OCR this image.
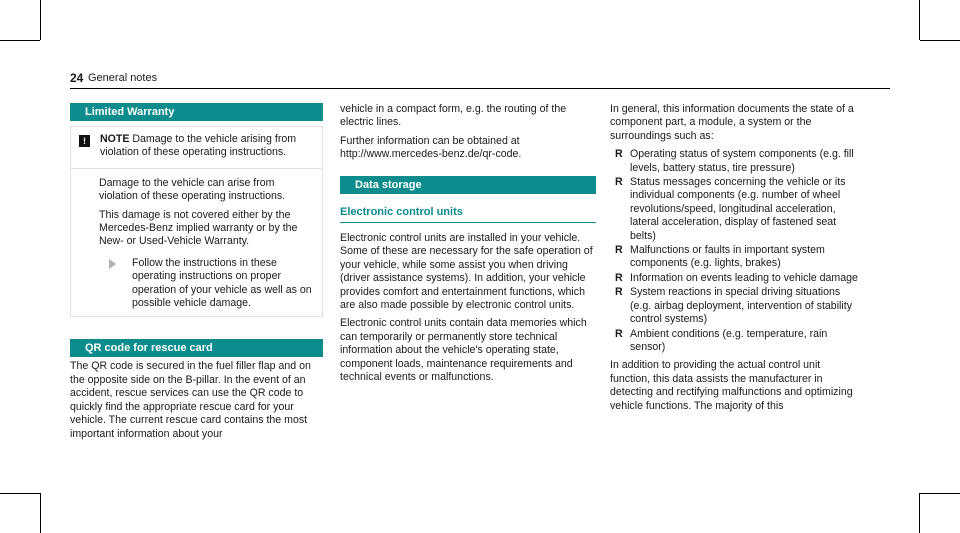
24 General notes
Limited Warranty
!	NOTE Damage to the vehicle arising from violation of these operating instructions.

Damage to the vehicle can arise from violation of these operating instructions.

This damage is not covered either by the Mercedes-Benz implied warranty or by the New- or Used-Vehicle Warranty.

Follow the instructions in these operating instructions on proper operation of your vehicle as well as on possible vehicle damage.
QR code for rescue card

The QR code is secured in the fuel filler flap and on the opposite side on the B-pillar. In the event of an accident, rescue services can use the QR code to quickly find the appropriate rescue card for your vehicle. The current rescue card contains the most important information about your

vehicle in a compact form, e.g. the routing of the electric lines.

Further information can be obtained at http://www.mercedes-benz.de/qr-code.

Data storage
Electronic control units

Electronic control units are installed in your vehicle. Some of these are necessary for the safe operation of your vehicle, while some assist you when driving (driver assistance systems). In addition, your vehicle provides comfort and entertainment functions, which are also made possible by electronic control units.

Electronic control units contain data memories which can temporarily or permanently store technical information about the vehicle's operating state, component loads, maintenance requirements and technical events or malfunctions.

In general, this information documents the state of a component part, a module, a system or the surroundings such as:

R Operating status of system components (e.g. fill levels, battery status, tire pressure)
R Status messages concerning the vehicle or its individual components (e.g. number of wheel revolutions/speed, longitudinal acceleration, lateral acceleration, display of fastened seat belts)
R Malfunctions or faults in important system components (e.g. lights, brakes)
R Information on events leading to vehicle damage
R System reactions in special driving situations (e.g. airbag deployment, intervention of stability control systems)
R Ambient conditions (e.g. temperature, rain sensor)

In addition to providing the actual control unit function, this data assists the manufacturer in detecting and rectifying malfunctions and optimizing vehicle functions. The majority of this
